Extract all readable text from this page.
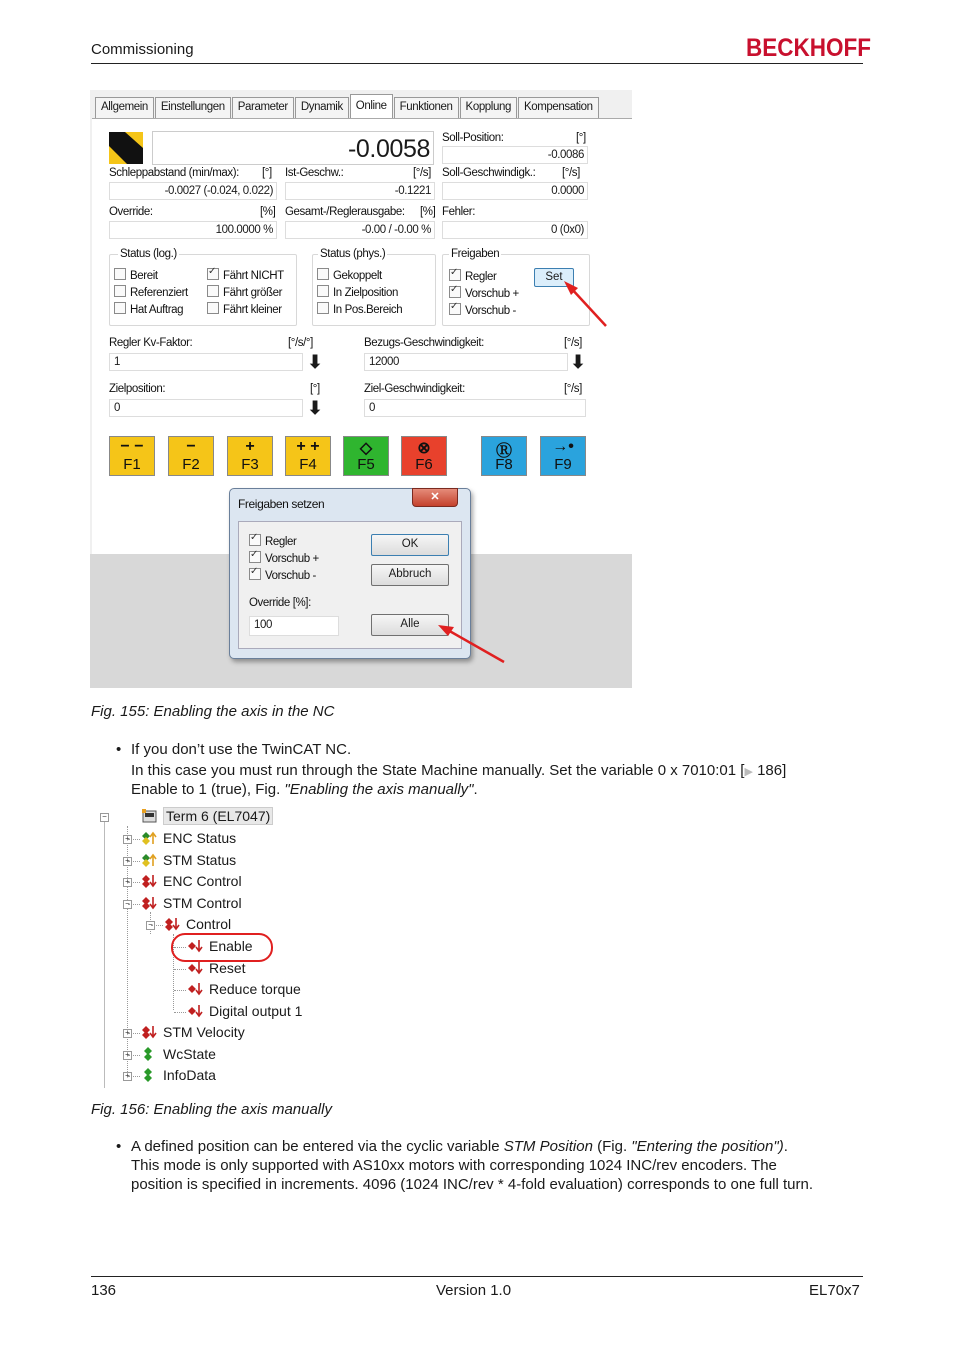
Commissioning	BECKHOFF
Allgemein	Einstellungen	Parameter	Dynamik	Online	Funktionen	Kopplung	Kompensation
-0.0058	Soll-Position:	[°]
-0.0086
Schleppabstand (min/max): [°]
-0.0027 (-0.024, 0.022)
Ist-Geschw.:	[°/s]
-0.1221
Soll-Geschwindigk.: [°/s]
0.0000
Override:	[%]
100.0000 %
Gesamt-/Reglerausgabe: [%]
-0.00 / -0.00 %
Fehler:
0 (0x0)
Status (log.)
Bereit
Referenziert
Hat Auftrag
✓Fährt NICHT
Fährt größer
Fährt kleiner
Status (phys.)
Gekoppelt
In Zielposition
In Pos.Bereich
Freigaben
✓Regler
✓Vorschub +
✓Vorschub -
Set
Regler Kv-Faktor:	[°/s/°]
1	⬇
Bezugs-Geschwindigkeit:	[°/s]
12000	⬇
Zielposition:	[°]
0	⬇
Ziel-Geschwindigkeit:	[°/s]
0
− −
F1
−
F2
+
F3
+ +
F4
◇
F5
⊗
F6
Ⓡ
F8
→•
F9
Freigaben setzen	✕
✓Regler
✓Vorschub +
✓Vorschub -
OK
Abbruch
Override [%]:
100	Alle
Fig. 155: Enabling the axis in the NC
• If you don’t use the TwinCAT NC.
In this case you must run through the State Machine manually. Set the variable 0 x 7010:01 [▶ 186]
Enable to 1 (true), Fig. "Enabling the axis manually".
−	Term 6 (EL7047)
+	ENC Status
+	STM Status
+	ENC Control
−	STM Control
−	Control
Enable
Reset
Reduce torque
Digital output 1
+	STM Velocity
+	WcState
+	InfoData
Fig. 156: Enabling the axis manually
• A defined position can be entered via the cyclic variable STM Position (Fig. "Entering the position").
This mode is only supported with AS10xx motors with corresponding 1024 INC/rev encoders. The
position is specified in increments. 4096 (1024 INC/rev * 4-fold evaluation) corresponds to one full turn.
136	Version 1.0	EL70x7
